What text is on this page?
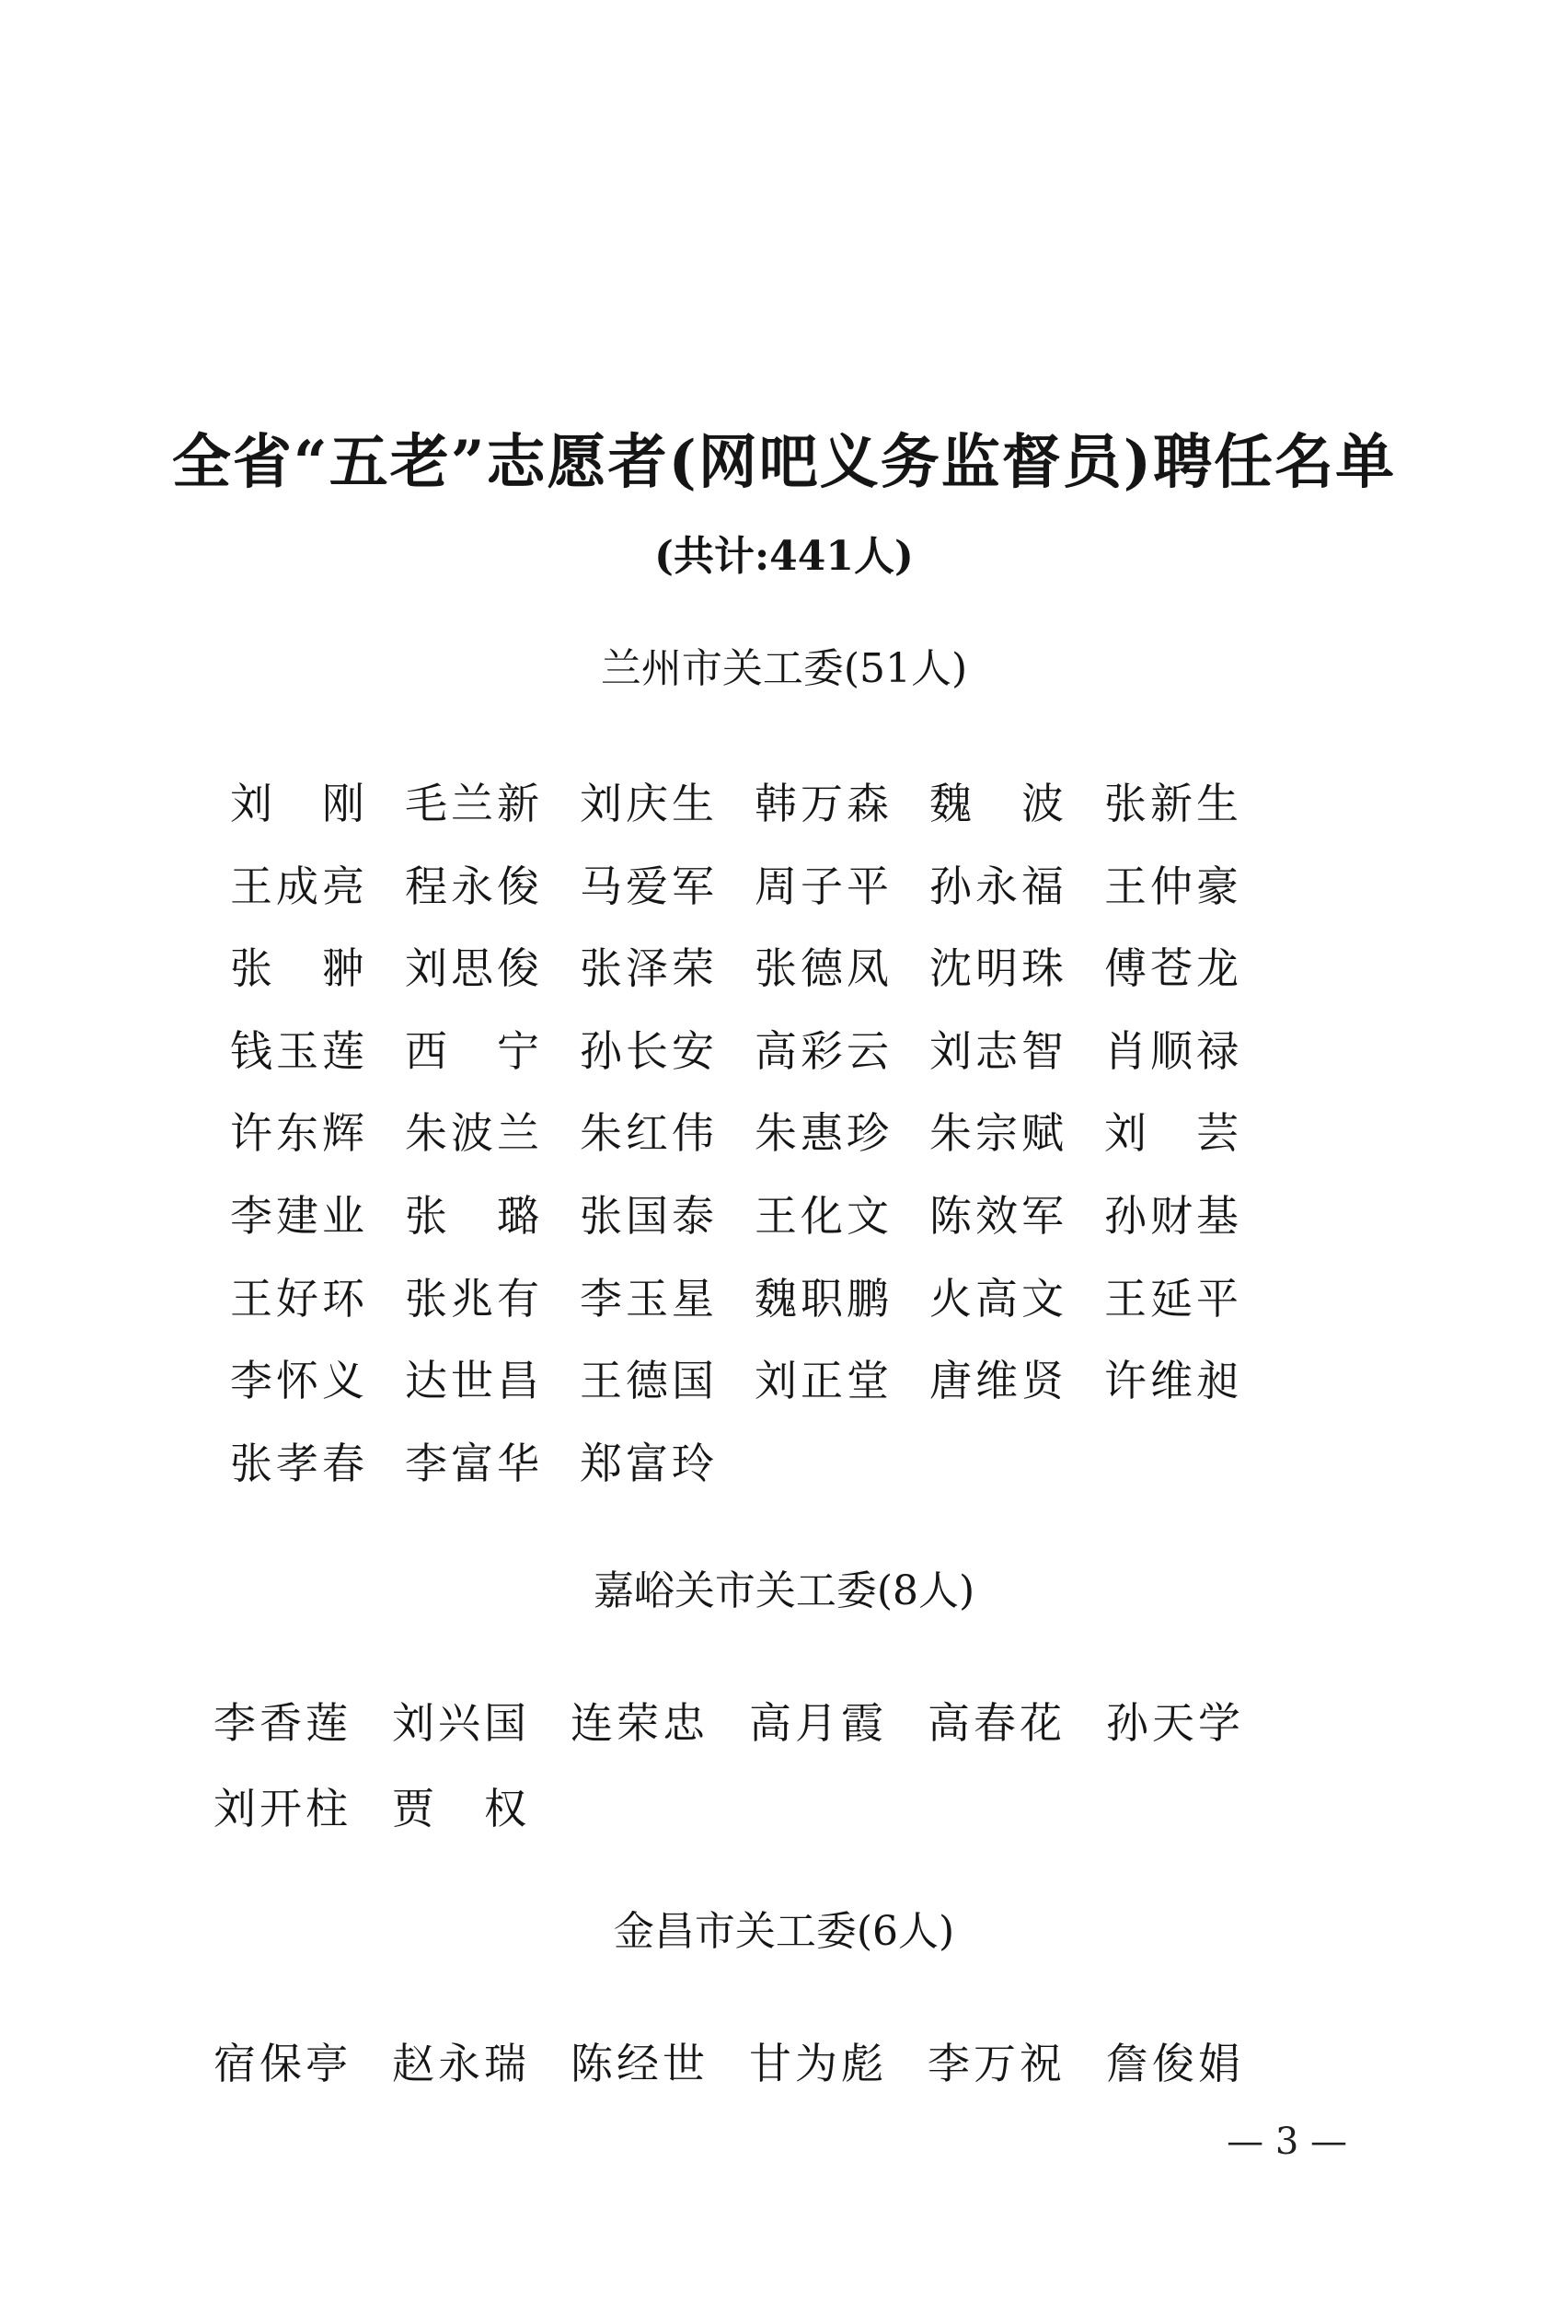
全省“五老”志愿者(网吧义务监督员)聘任名单
(共计:441人)
兰州市关工委(51人)
刘 刚 毛 兰 新 刘 庆 生 韩 万 森 魏 波 张 新 生
王 成 亮 程 永 俊 马 爱 军 周 子 平 孙 永 福 王 仲 豪
张 翀 刘 思 俊 张 泽 荣 张 德 凤 沈 明 珠 傅 苍 龙
钱 玉 莲 西 宁 孙 长 安 高 彩 云 刘 志 智 肖 顺 禄
许 东 辉 朱 波 兰 朱 红 伟 朱 惠 珍 朱 宗 赋 刘 芸
李 建 业 张 璐 张 国 泰 王 化 文 陈 效 军 孙 财 基
王 好 环 张 兆 有 李 玉 星 魏 职 鹏 火 高 文 王 延 平
李 怀 义 达 世 昌 王 德 国 刘 正 堂 唐 维 贤 许 维 昶
张 孝 春 李 富 华 郑 富 玲
嘉峪关市关工委(8人)
李 香 莲 刘 兴 国 连 荣 忠 高 月 霞 高 春 花 孙 天 学
刘 开 柱 贾 权
金昌市关工委(6人)
宿 保 亭 赵 永 瑞 陈 经 世 甘 为 彪 李 万 祝 詹 俊 娟
— 3 —
